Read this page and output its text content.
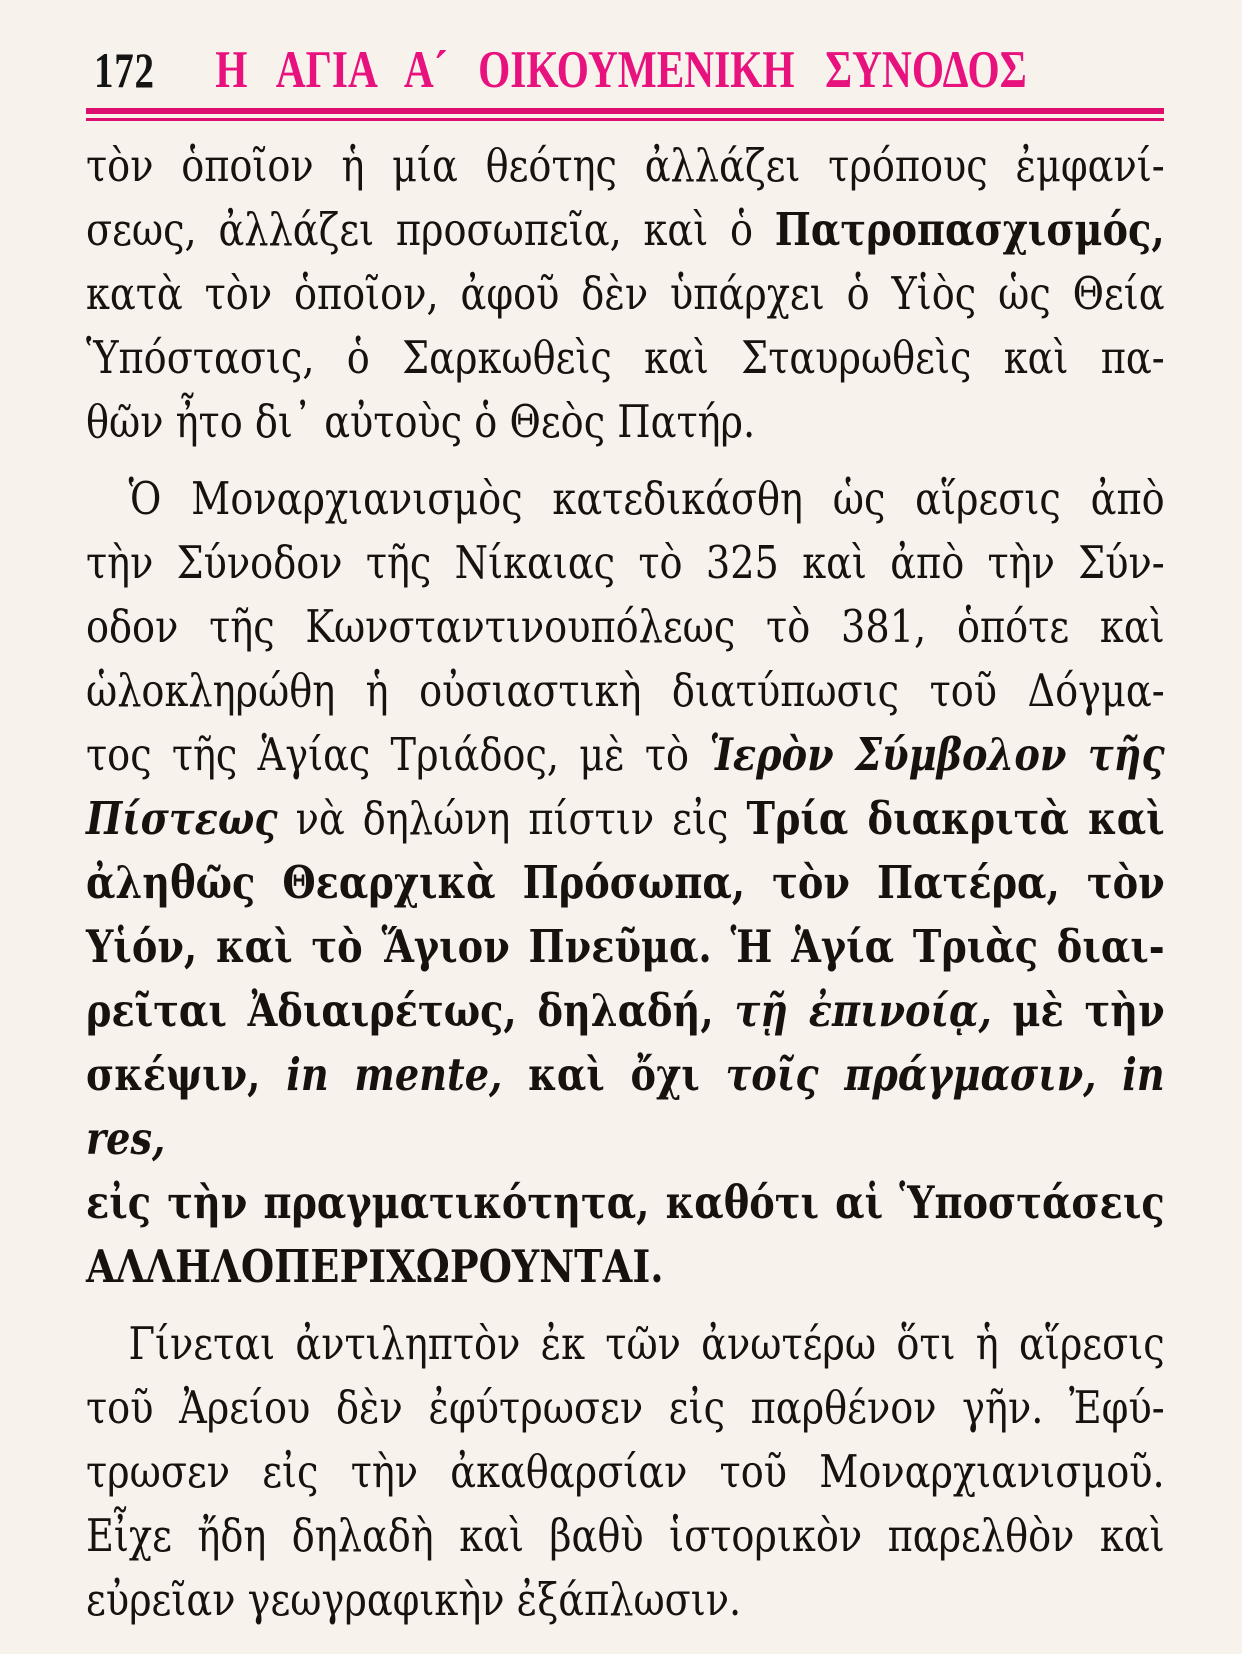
172 Η ΑΓΙΑ Α´ ΟΙΚΟΥΜΕΝΙΚΗ ΣΥΝΟΔΟΣ
τὸν ὁποῖον ἡ μία θεότης ἀλλάζει τρόπους ἐμφανί-
σεως, ἀλλάζει προσωπεῖα, καὶ ὁ Πατροπασχισμός,
κατὰ τὸν ὁποῖον, ἀφοῦ δὲν ὑπάρχει ὁ Υἱὸς ὡς Θεία
Ὑπόστασις, ὁ Σαρκωθεὶς καὶ Σταυρωθεὶς καὶ πα-
θῶν ἦτο δι᾽ αὐτοὺς ὁ Θεὸς Πατήρ.
Ὁ Μοναρχιανισμὸς κατεδικάσθη ὡς αἵρεσις ἀπὸ
τὴν Σύνοδον τῆς Νίκαιας τὸ 325 καὶ ἀπὸ τὴν Σύν-
οδον τῆς Κωνσταντινουπόλεως τὸ 381, ὁπότε καὶ
ὡλοκληρώθη ἡ οὐσιαστικὴ διατύπωσις τοῦ Δόγμα-
τος τῆς Ἁγίας Τριάδος, μὲ τὸ Ἱερὸν Σύμβολον τῆς
Πίστεως νὰ δηλώνη πίστιν εἰς Τρία διακριτὰ καὶ
ἀληθῶς Θεαρχικὰ Πρόσωπα, τὸν Πατέρα, τὸν
Υἱόν, καὶ τὸ Ἅγιον Πνεῦμα. Ἡ Ἁγία Τριὰς διαι-
ρεῖται Ἀδιαιρέτως, δηλαδή, τῇ ἐπινοίᾳ, μὲ τὴν
σκέψιν, in mente, καὶ ὄχι τοῖς πράγμασιν, in res,
εἰς τὴν πραγματικότητα, καθότι αἱ Ὑποστάσεις
ΑΛΛΗΛΟΠΕΡΙΧΩΡΟΥΝΤΑΙ.
Γίνεται ἀντιληπτὸν ἐκ τῶν ἀνωτέρω ὅτι ἡ αἵρεσις
τοῦ Ἀρείου δὲν ἐφύτρωσεν εἰς παρθένον γῆν. Ἐφύ-
τρωσεν εἰς τὴν ἀκαθαρσίαν τοῦ Μοναρχιανισμοῦ.
Εἶχε ἤδη δηλαδὴ καὶ βαθὺ ἱστορικὸν παρελθὸν καὶ
εὐρεῖαν γεωγραφικὴν ἐξάπλωσιν.
